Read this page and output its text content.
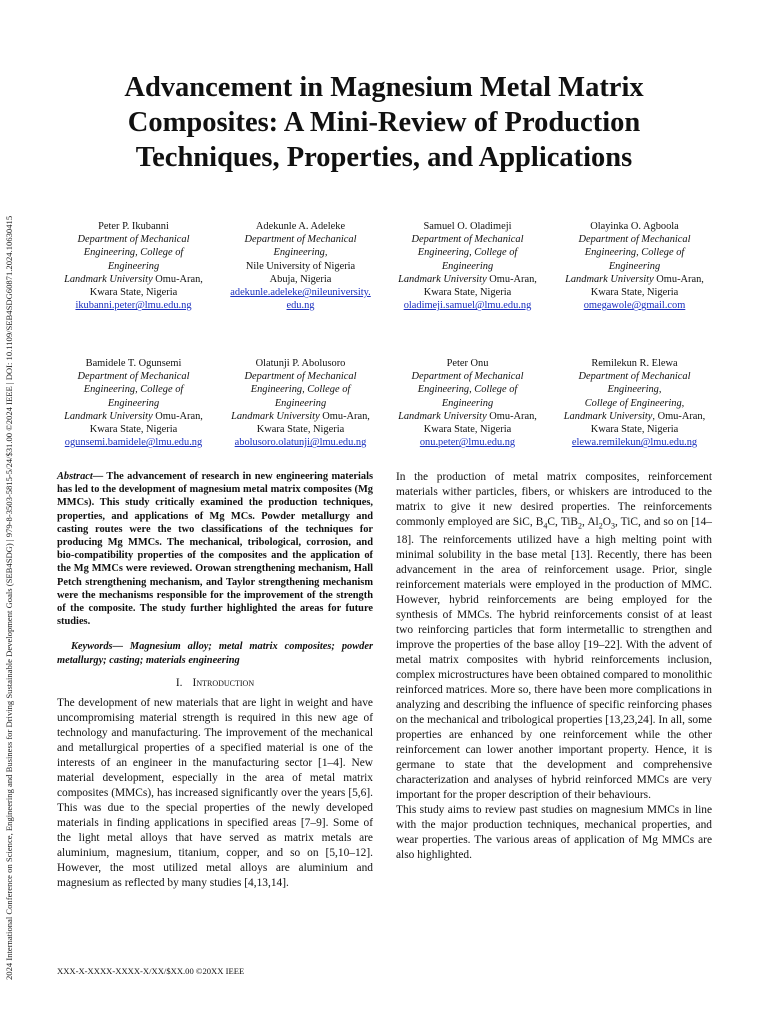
2024 International Conference on Science, Engineering and Business for Driving Sustainable Development Goals (SEB4SDG) | 979-8-3503-5815-5/24/$31.00 ©2024 IEEE | DOI: 10.1109/SEB4SDG60871.2024.10630415
Advancement in Magnesium Metal Matrix
Composites: A Mini-Review of Production
Techniques, Properties, and Applications
Peter P. Ikubanni
Department of Mechanical
Engineering, College of
Engineering
Landmark University Omu-Aran,
Kwara State, Nigeria
ikubanni.peter@lmu.edu.ng
Adekunle A. Adeleke
Department of Mechanical
Engineering,
Nile University of Nigeria
Abuja, Nigeria
adekunle.adeleke@nileuniversity.
edu.ng
Samuel O. Oladimeji
Department of Mechanical
Engineering, College of
Engineering
Landmark University Omu-Aran,
Kwara State, Nigeria
oladimeji.samuel@lmu.edu.ng
Olayinka O. Agboola
Department of Mechanical
Engineering, College of
Engineering
Landmark University Omu-Aran,
Kwara State, Nigeria
omegawole@gmail.com
Bamidele T. Ogunsemi
Department of Mechanical
Engineering, College of
Engineering
Landmark University Omu-Aran,
Kwara State, Nigeria
ogunsemi.bamidele@lmu.edu.ng
Olatunji P. Abolusoro
Department of Mechanical
Engineering, College of
Engineering
Landmark University Omu-Aran,
Kwara State, Nigeria
abolusoro.olatunji@lmu.edu.ng
Peter Onu
Department of Mechanical
Engineering, College of
Engineering
Landmark University Omu-Aran,
Kwara State, Nigeria
onu.peter@lmu.edu.ng
Remilekun R. Elewa
Department of Mechanical
Engineering,
College of Engineering,
Landmark University, Omu-Aran,
Kwara State, Nigeria
elewa.remilekun@lmu.edu.ng

Abstract— The advancement of research in new engineering materials has led to the development of magnesium metal matrix composites (Mg MMCs). This study critically examined the production techniques, properties, and applications of Mg MCs. Powder metallurgy and casting routes were the two classifications of the techniques for producing Mg MMCs. The mechanical, tribological, corrosion, and bio-compatibility properties of the composites and the application of the Mg MMCs were reviewed. Orowan strengthening mechanism, Hall Petch strengthening mechanism, and Taylor strengthening mechanism were the mechanisms responsible for the improvement of the strength of the composite. The study further highlighted the areas for future studies.

Keywords— Magnesium alloy; metal matrix composites; powder metallurgy; casting; materials engineering

I. Introduction

The development of new materials that are light in weight and have uncompromising material strength is required in this new age of technology and manufacturing. The improvement of the mechanical and metallurgical properties of a specified material is one of the interests of an engineer in the manufacturing sector [1–4]. New material development, especially in the area of metal matrix composites (MMCs), has increased significantly over the years [5,6]. This was due to the special properties of the newly developed materials in finding applications in specified areas [7–9]. Some of the light metal alloys that have served as matrix metals are aluminium, magnesium, titanium, copper, and so on [5,10–12]. However, the most utilized metal alloys are aluminium and magnesium as reflected by many studies [4,13,14].

In the production of metal matrix composites, reinforcement materials wither particles, fibers, or whiskers are introduced to the matrix to give it new desired properties. The reinforcements commonly employed are SiC, $B_4C$, TiB$_2$, $Al_2O_3$, TiC, and so on [14–18]. The reinforcements utilized have a high melting point with minimal solubility in the base metal [13]. Recently, there has been advancement in the area of reinforcement usage. Prior, single reinforcement materials were employed in the production of MMC. However, hybrid reinforcements are being employed for the synthesis of MMCs. The hybrid reinforcements consist of at least two reinforcing particles that form intermetallic to strengthen and improve the properties of the base alloy [19–22]. With the advent of metal matrix composites with hybrid reinforcements inclusion, complex microstructures have been obtained compared to monolithic reinforced matrices. More so, there have been more complications in analyzing and describing the influence of specific reinforcing phases on the mechanical and tribological properties [13,23,24]. In all, some properties are enhanced by one reinforcement while the other reinforcement can lower another important property. Hence, it is germane to state that the development and comprehensive characterization and analyses of hybrid reinforced MMCs are very important for the proper description of their behaviours.

This study aims to review past studies on magnesium MMCs in line with the major production techniques, mechanical properties, and wear properties. The various areas of application of Mg MMCs are also highlighted.

XXX-X-XXXX-XXXX-X/XX/$XX.00 ©20XX IEEE
